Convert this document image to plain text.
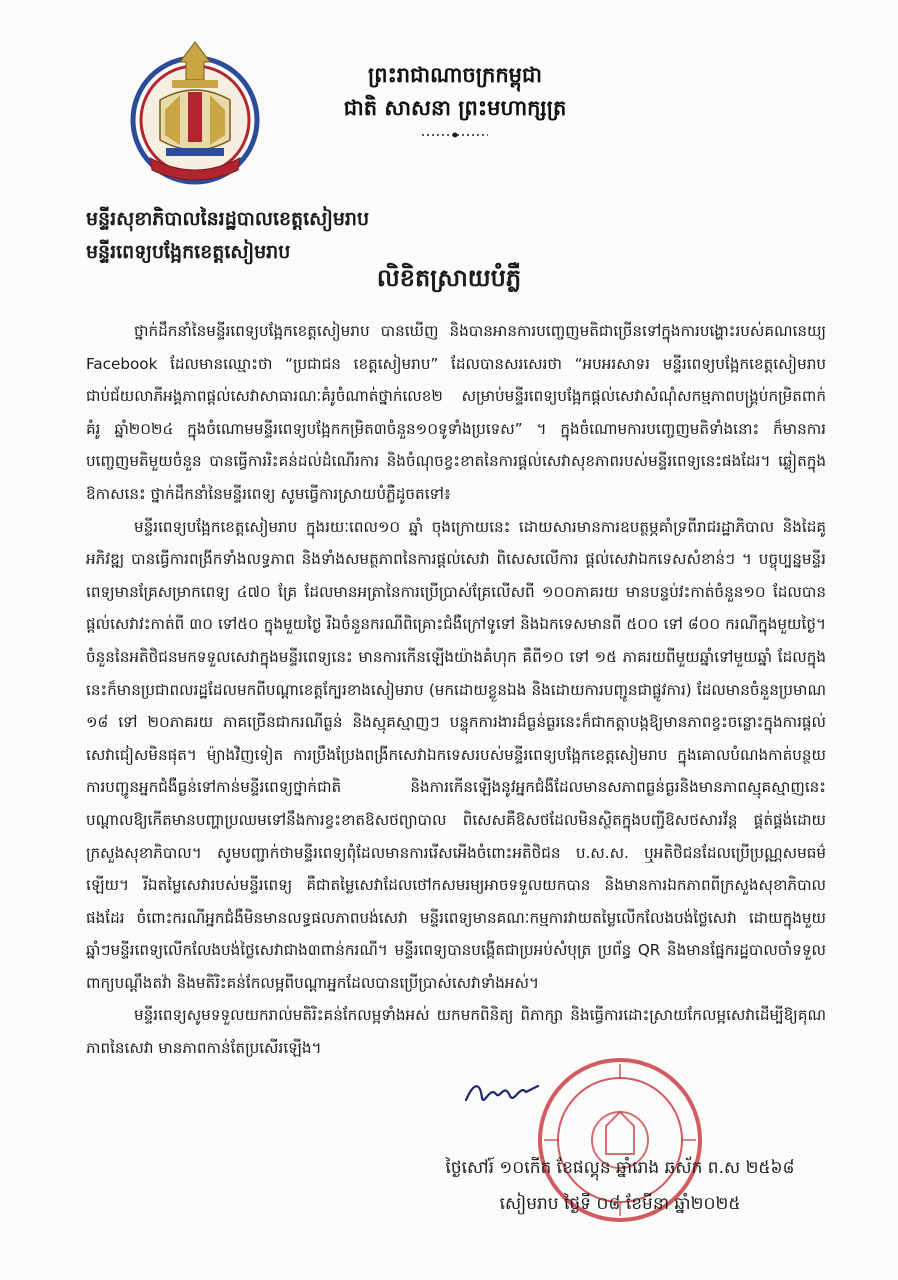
ព្រះរាជាណាចក្រកម្ពុជា
ជាតិ សាសនា ព្រះមហាក្សត្រ
មន្ទីរសុខាភិបាលនៃរដ្ឋបាលខេត្តសៀមរាប
មន្ទីរពេទ្យបង្អែកខេត្តសៀមរាប
លិខិតស្រាយបំភ្លឺ

ថ្នាក់ដឹកនាំនៃមន្ទីរពេទ្យបង្អែកខេត្តសៀមរាប បានឃើញ និងបានអានការបញ្ចេញមតិជាច្រើនទៅក្នុងការបង្ហោះរបស់គណនេយ្យ Facebook ដែលមានឈ្មោះថា “ប្រជាជន ខេត្តសៀមរាប” ដែលបានសរសេរថា “អបអរសាទរ មន្ទីរពេទ្យបង្អែកខេត្តសៀមរាប ជាប់ជ័យលាភីអង្គភាពផ្តល់សេវាសាធារណៈគំរូចំណាត់ថ្នាក់លេខ២ សម្រាប់មន្ទីរពេទ្យបង្អែកផ្តល់សេវាសំណុំសកម្មភាពបង្គ្រប់កម្រិតពាក់គំរូ ឆ្នាំ២០២៤ ក្នុងចំណោមមន្ទីរពេទ្យបង្អែកកម្រិត៣ចំនួន១០ទូទាំងប្រទេស” ។ ក្នុងចំណោមការបញ្ចេញមតិទាំងនោះ ក៏មានការបញ្ចេញមតិមួយចំនួន បានធ្វើការរិះគន់ដល់ដំណើរការ និងចំណុចខ្វះខាតនៃការផ្តល់សេវាសុខភាពរបស់មន្ទីរពេទ្យនេះផងដែរ។ ឆ្លៀតក្នុងឱកាសនេះ ថ្នាក់ដឹកនាំនៃមន្ទីរពេទ្យ សូមធ្វើការស្រាយបំភ្លឺដូចតទៅ៖

មន្ទីរពេទ្យបង្អែកខេត្តសៀមរាប ក្នុងរយៈពេល១០ ឆ្នាំ ចុងក្រោយនេះ ដោយសារមានការឧបត្ថម្ភគាំទ្រពីរាជរដ្ឋាភិបាល និងដៃគូអភិវឌ្ឍ បានធ្វើការពង្រីកទាំងលទ្ធភាព និងទាំងសមត្ថភាពនៃការផ្តល់សេវា ពិសេសលើការ ផ្តល់សេវាឯកទេសសំខាន់ៗ ។ បច្ចុប្បន្នមន្ទីរពេទ្យមានគ្រែសម្រាកពេទ្យ ៤៧០ គ្រែ ដែលមានអត្រានៃការប្រើប្រាស់គ្រែលើសពី ១០០ភាគរយ មានបន្ទប់វះកាត់ចំនួន១០ ដែលបានផ្តល់សេវាវះកាត់ពី ៣០ ទៅ៥០ ក្នុងមួយថ្ងៃ រីឯចំនួនករណីពិគ្រោះជំងឺក្រៅទូទៅ និងឯកទេសមានពី ៥០០ ទៅ ៨០០ ករណីក្នុងមួយថ្ងៃ។ ចំនួននៃអតិថិជនមកទទួលសេវាក្នុងមន្ទីរពេទ្យនេះ មានការកើនឡើងយ៉ាងគំហុក គឺពី១០ ទៅ ១៥ ភាគរយពីមួយឆ្នាំទៅមួយឆ្នាំ ដែលក្នុងនេះក៏មានប្រជាពលរដ្ឋដែលមកពីបណ្តាខេត្តក្បែរខាងសៀមរាប (មកដោយខ្លួនឯង និងដោយការបញ្ជូនជាផ្លូវការ) ដែលមានចំនួនប្រមាណ ១៨ ទៅ ២០ភាគរយ ភាគច្រើនជាករណីធ្ងន់ និងស្មុគស្មាញៗ បន្ទុកការងារដ៏ធ្ងន់ធ្ងរនេះក៏ជាកត្តាបង្កឱ្យមានភាពខ្វះចន្លោះក្នុងការផ្តល់សេវាជៀសមិនផុត។ ម៉្យាងវិញទៀត ការប្រឹងប្រែងពង្រីកសេវាឯកទេសរបស់មន្ទីរពេទ្យបង្អែកខេត្តសៀមរាប ក្នុងគោលបំណងកាត់បន្ថយការបញ្ជូនអ្នកជំងឺធ្ងន់ទៅកាន់មន្ទីរពេទ្យថ្នាក់ជាតិ និងការកើនឡើងនូវអ្នកជំងឺដែលមានសភាពធ្ងន់ធ្ងរនិងមានភាពស្មុគស្មាញនេះ បណ្តាលឱ្យកើតមានបញ្ហាប្រឈមទៅនឹងការខ្វះខាតឱសថព្យាបាល ពិសេសគឺឱសថដែលមិនស្ថិតក្នុងបញ្ជីឱសថសារវ័ន្ត ផ្គត់ផ្គង់ដោយក្រសួងសុខាភិបាល។ សូមបញ្ជាក់ថាមន្ទីរពេទ្យពុំដែលមានការរើសអើងចំពោះអតិថិជន ប.ស.ស. ឬអតិថិជនដែលប្រើប្រណ្ណសមធម៌ឡើយ។ រីឯតម្លៃសេវារបស់មន្ទីរពេទ្យ គឺជាតម្លៃសេវាដែលថៅកសមរម្យអាចទទួលយកបាន និងមានការឯកភាពពីក្រសួងសុខាភិបាលផងដែរ ចំពោះករណីអ្នកជំងឺមិនមានលទ្ធផលភាពបង់សេវា មន្ទីរពេទ្យមានគណៈកម្មការវាយតម្លៃលើកលែងបង់ថ្លៃសេវា ដោយក្នុងមួយឆ្នាំៗមន្ទីរពេទ្យលើកលែងបង់ថ្លៃសេវាជាង៣ពាន់ករណី។ មន្ទីរពេទ្យបានបង្កើតជាប្រអប់សំបុត្រ ប្រព័ន្ធ QR និងមានផ្នែករដ្ឋបាលចាំទទួលពាក្យបណ្តឹងតវ៉ា និងមតិរិះគន់កែលម្អពីបណ្តាអ្នកដែលបានប្រើប្រាស់សេវាទាំងអស់។

មន្ទីរពេទ្យសូមទទួលយករាល់មតិរិះគន់កែលម្អទាំងអស់ យកមកពិនិត្យ ពិភាក្សា និងធ្វើការដោះស្រាយកែលម្អសេវាដើម្បីឱ្យគុណភាពនៃសេវា មានភាពកាន់តែប្រសើរឡើង។

ថ្ងៃសៅរ៍ ១០កើត ខែផល្គុន ឆ្នាំរោង ឆស័ក ព.ស ២៥៦៨
សៀមរាប ថ្ងៃទី ០៨ ខែមីនា ឆ្នាំ២០២៥
